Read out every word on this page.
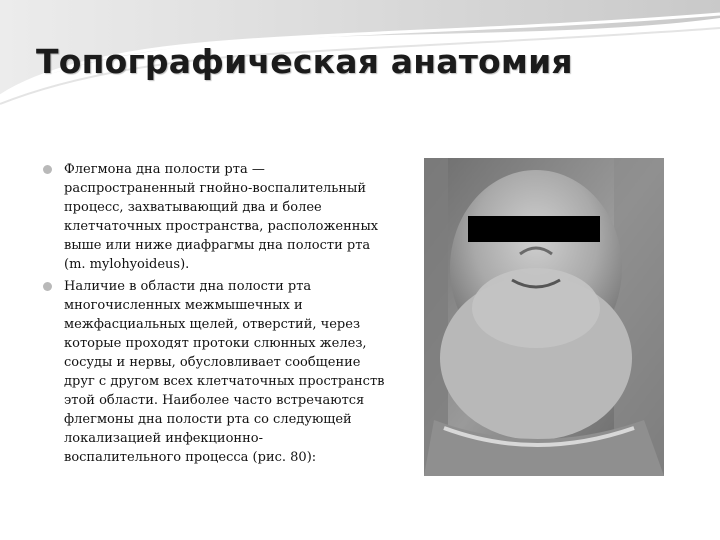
Топографическая анатомия
Флегмона дна полости рта —
распространенный гнойно-воспалительный
процесс, захватывающий два и более
клетчаточных пространства, расположенных
выше или ниже диафрагмы дна полости рта
(m. mylohyoideus).
Наличие в области дна полости рта
многочисленных межмышечных и
межфасциальных щелей, отверстий, через
которые проходят протоки слюнных желез,
сосуды и нервы, обусловливает сообщение
друг с другом всех клетчаточных пространств
этой области. Наиболее часто встречаются
флегмоны дна полости рта со следующей
локализацией инфекционно-
воспалительного процесса (рис. 80):
